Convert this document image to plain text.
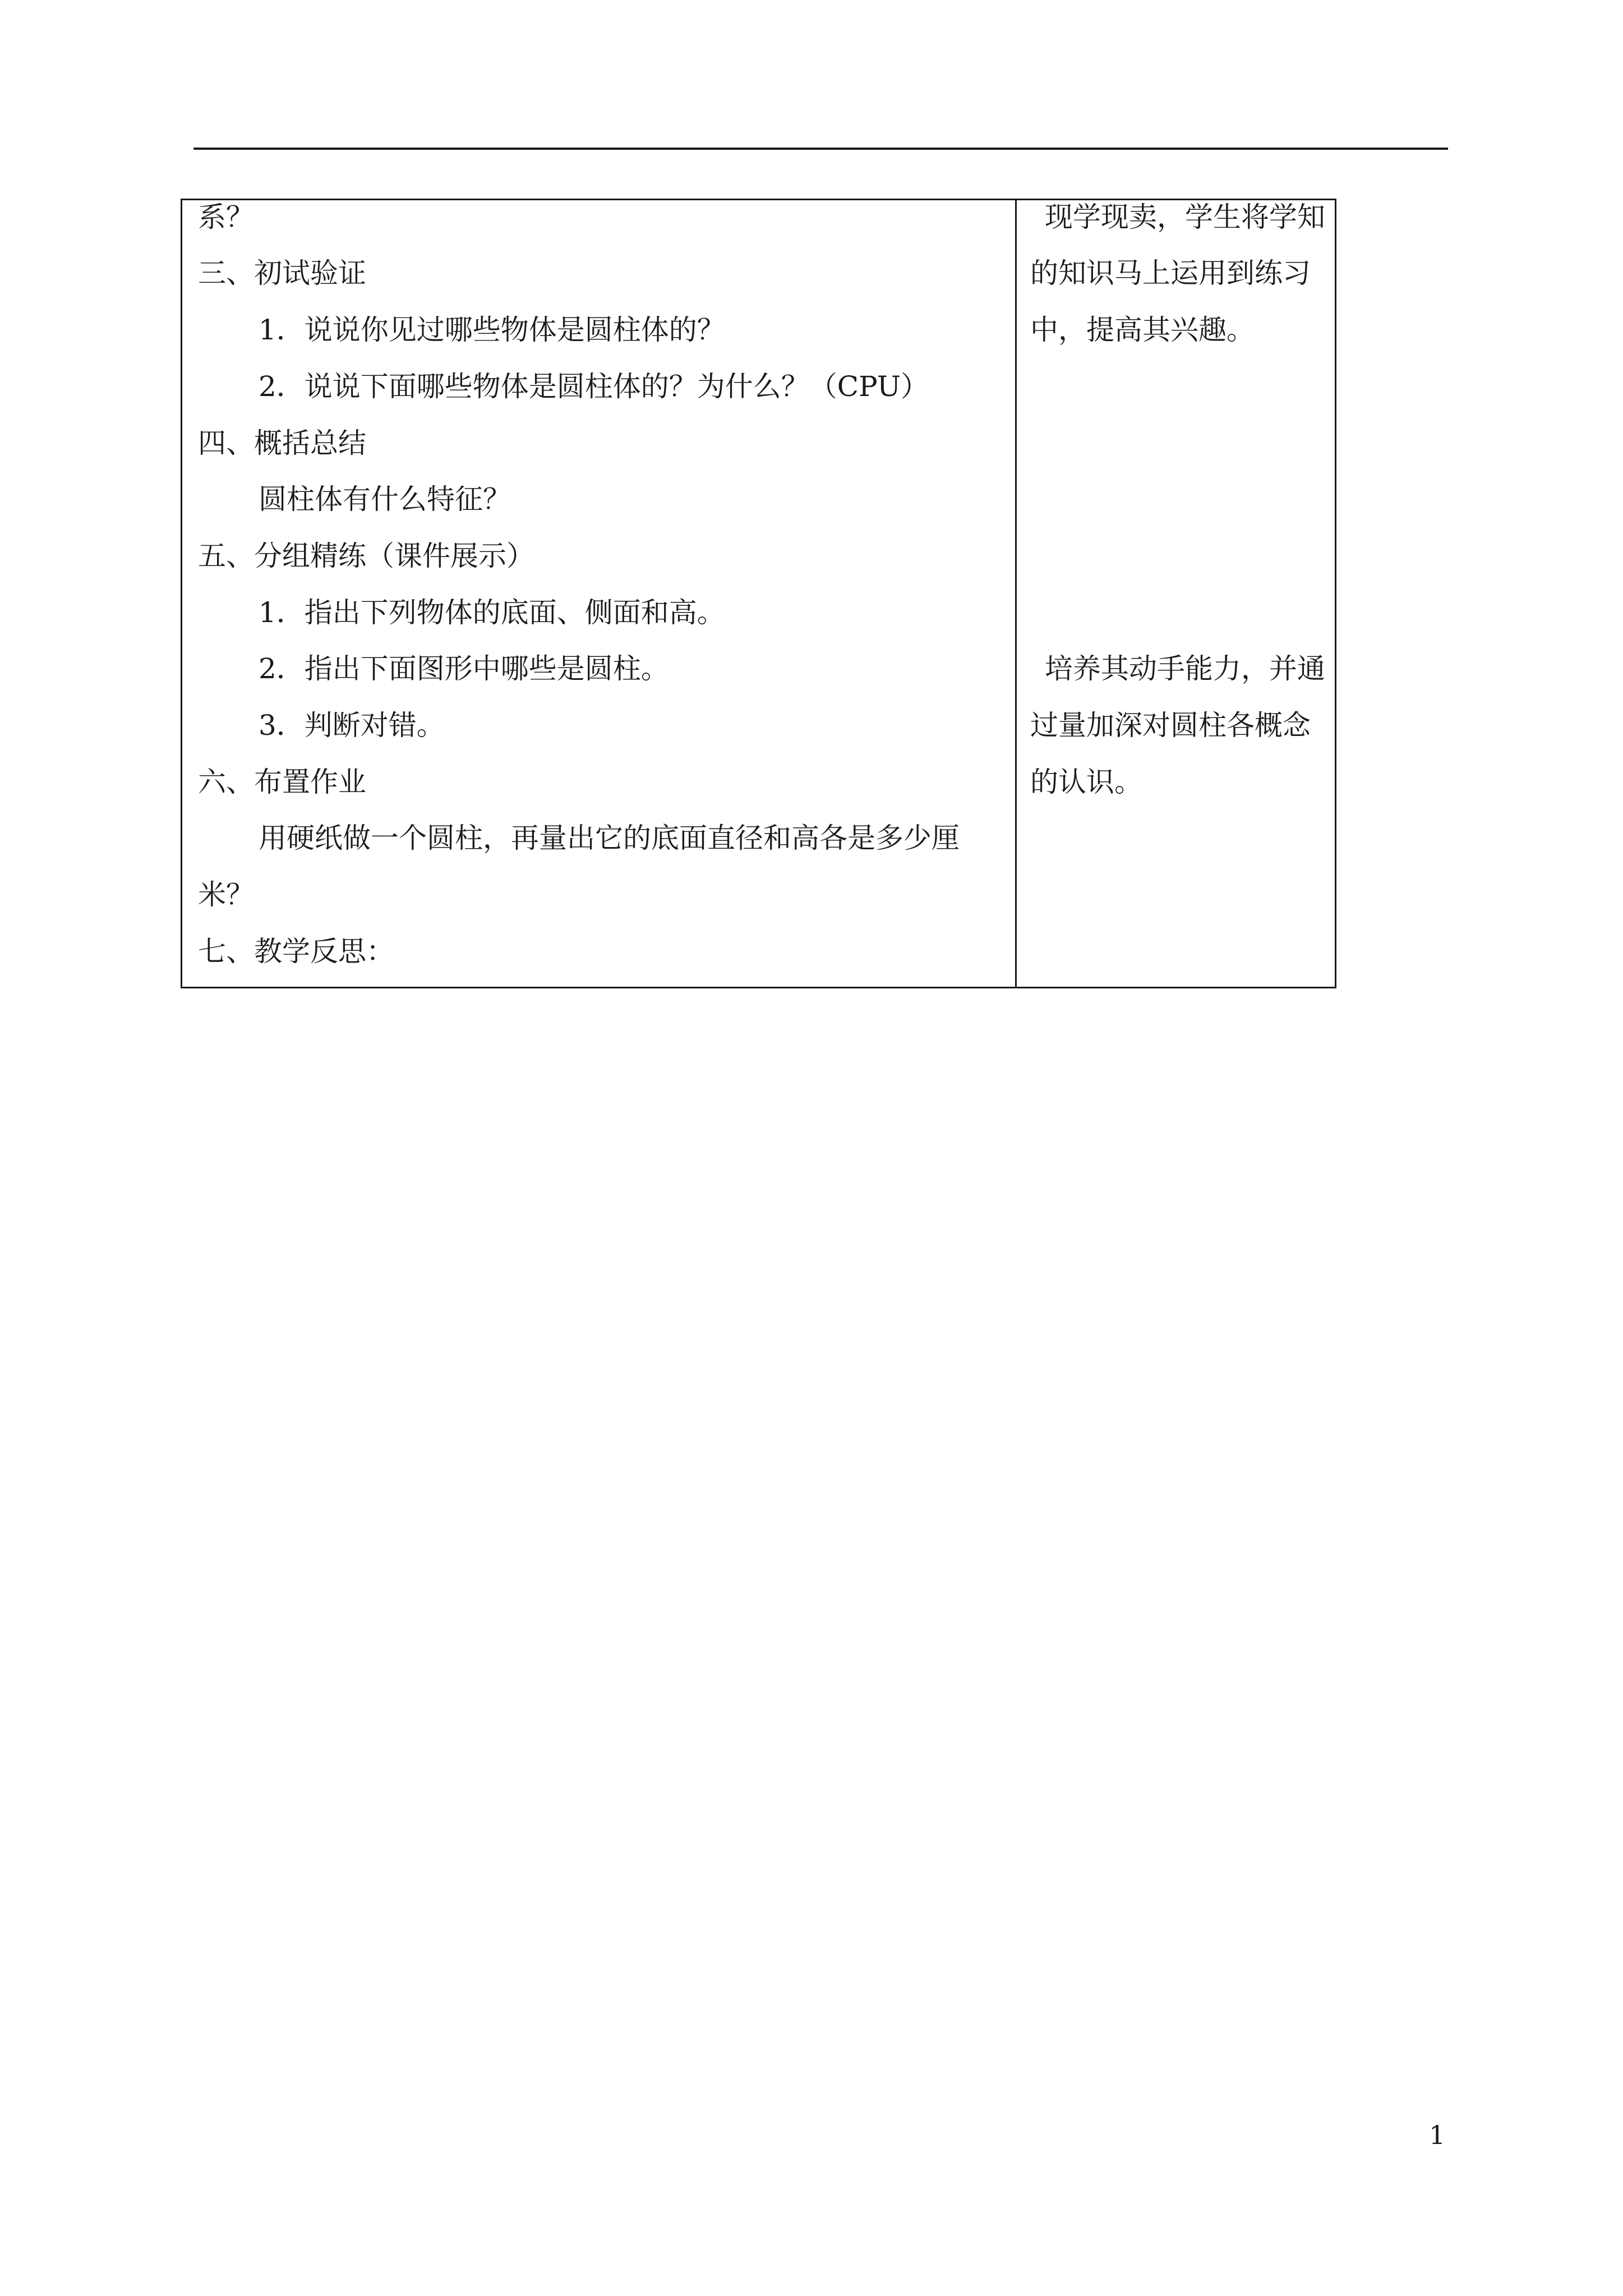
系？
三、初试验证
1．说说你见过哪些物体是圆柱体的？
2．说说下面哪些物体是圆柱体的？为什么？（CPU）
四、概括总结
圆柱体有什么特征？
五、分组精练（课件展示）
1．指出下列物体的底面、侧面和高。
2．指出下面图形中哪些是圆柱。
3．判断对错。
六、布置作业
用硬纸做一个圆柱，再量出它的底面直径和高各是多少厘
米？
七、教学反思：
现学现卖，学生将学知
的知识马上运用到练习
中，提高其兴趣。
培养其动手能力，并通
过量加深对圆柱各概念
的认识。
1
